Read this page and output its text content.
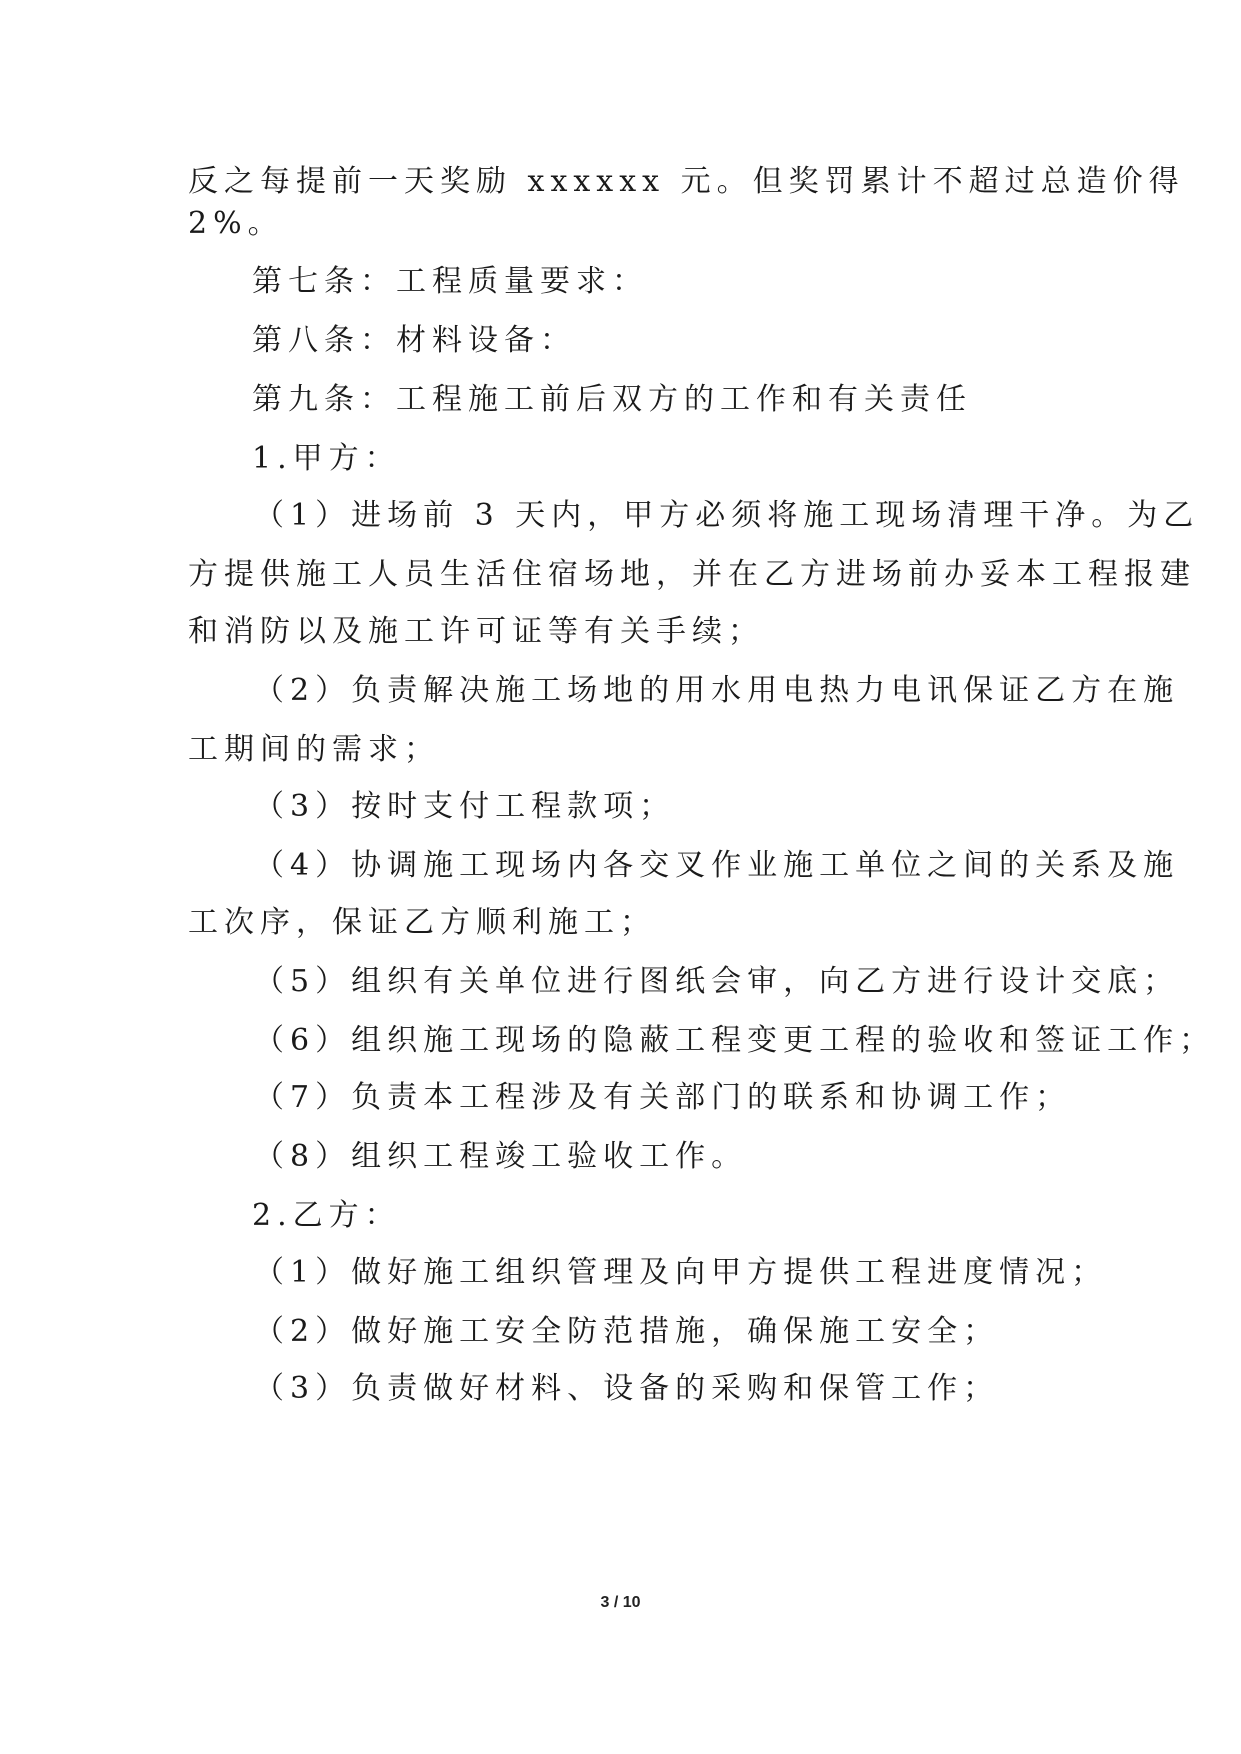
反之每提前一天奖励 xxxxxx 元。但奖罚累计不超过总造价得
2%。
第七条：工程质量要求：
第八条：材料设备：
第九条：工程施工前后双方的工作和有关责任
1.甲方：
（1）进场前 3 天内，甲方必须将施工现场清理干净。为乙
方提供施工人员生活住宿场地，并在乙方进场前办妥本工程报建
和消防以及施工许可证等有关手续；
（2）负责解决施工场地的用水用电热力电讯保证乙方在施
工期间的需求；
（3）按时支付工程款项；
（4）协调施工现场内各交叉作业施工单位之间的关系及施
工次序，保证乙方顺利施工；
（5）组织有关单位进行图纸会审，向乙方进行设计交底；
（6）组织施工现场的隐蔽工程变更工程的验收和签证工作；
（7）负责本工程涉及有关部门的联系和协调工作；
（8）组织工程竣工验收工作。
2.乙方：
（1）做好施工组织管理及向甲方提供工程进度情况；
（2）做好施工安全防范措施，确保施工安全；
（3）负责做好材料、设备的采购和保管工作；
3 / 10
